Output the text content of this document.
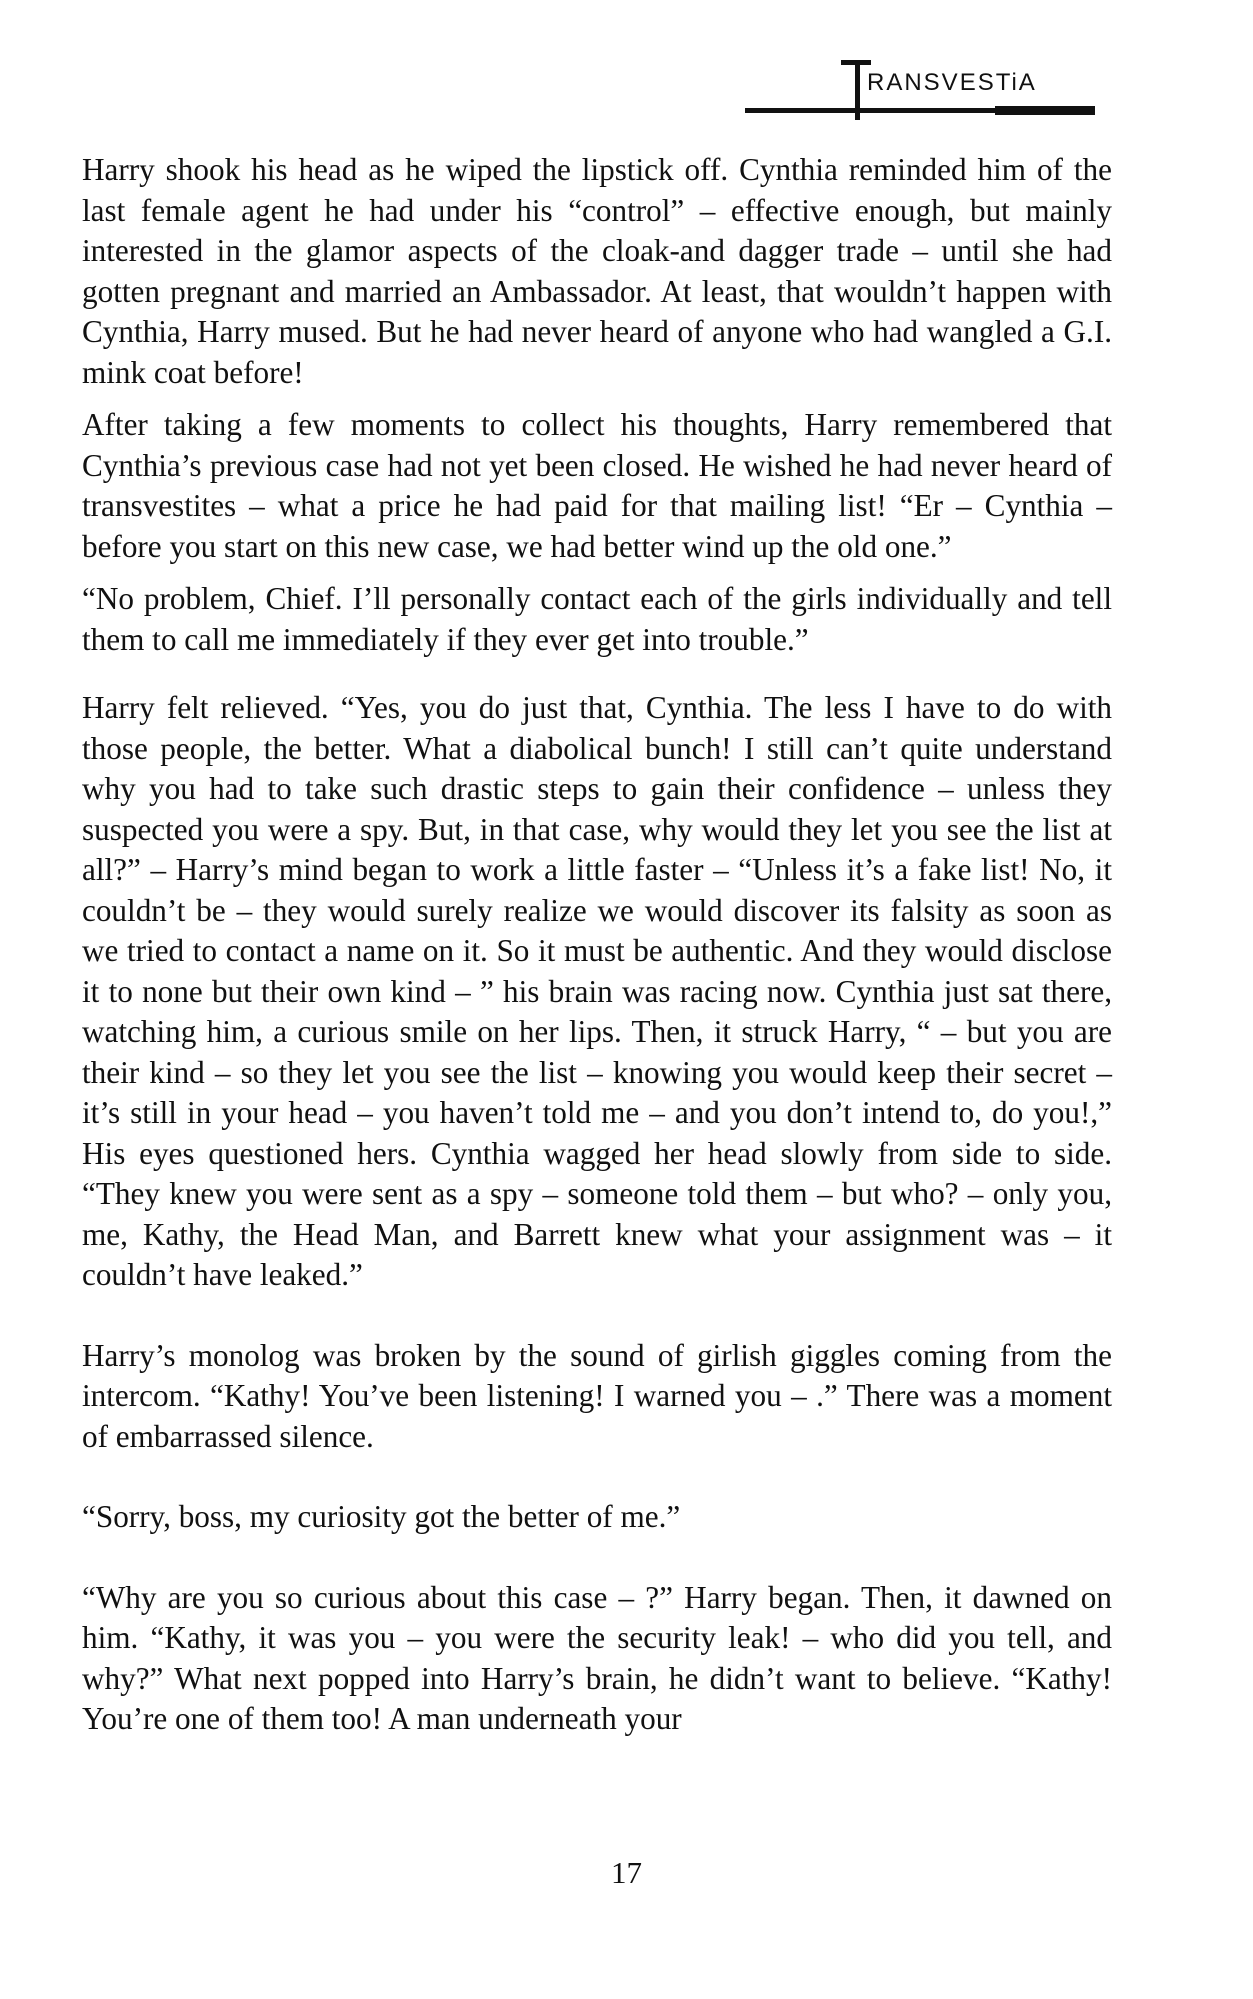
RANSVESTiA

Harry shook his head as he wiped the lipstick off. Cynthia reminded him of the last female agent he had under his “control” – effective enough, but mainly interested in the glamor aspects of the cloak-and dagger trade – until she had gotten pregnant and married an Ambassador. At least, that wouldn’t happen with Cynthia, Harry mused. But he had never heard of anyone who had wangled a G.I. mink coat before!

After taking a few moments to collect his thoughts, Harry remembered that Cynthia’s previous case had not yet been closed. He wished he had never heard of transvestites – what a price he had paid for that mailing list! “Er – Cynthia – before you start on this new case, we had better wind up the old one.”

“No problem, Chief. I’ll personally contact each of the girls individually and tell them to call me immediately if they ever get into trouble.”

Harry felt relieved. “Yes, you do just that, Cynthia. The less I have to do with those people, the better. What a diabolical bunch! I still can’t quite understand why you had to take such drastic steps to gain their confidence – unless they suspected you were a spy. But, in that case, why would they let you see the list at all?” – Harry’s mind began to work a little faster – “Unless it’s a fake list! No, it couldn’t be – they would surely realize we would discover its falsity as soon as we tried to contact a name on it. So it must be authentic. And they would disclose it to none but their own kind – ” his brain was racing now. Cynthia just sat there, watching him, a curious smile on her lips. Then, it struck Harry, “ – but you are their kind – so they let you see the list – knowing you would keep their secret – it’s still in your head – you haven’t told me – and you don’t intend to, do you!,” His eyes questioned hers. Cynthia wagged her head slowly from side to side. “They knew you were sent as a spy – someone told them – but who? – only you, me, Kathy, the Head Man, and Barrett knew what your assignment was – it couldn’t have leaked.”

Harry’s monolog was broken by the sound of girlish giggles coming from the intercom. “Kathy! You’ve been listening! I warned you – .” There was a moment of embarrassed silence.

“Sorry, boss, my curiosity got the better of me.”

“Why are you so curious about this case – ?” Harry began. Then, it dawned on him. “Kathy, it was you – you were the security leak! – who did you tell, and why?” What next popped into Harry’s brain, he didn’t want to believe. “Kathy! You’re one of them too! A man underneath your

17
